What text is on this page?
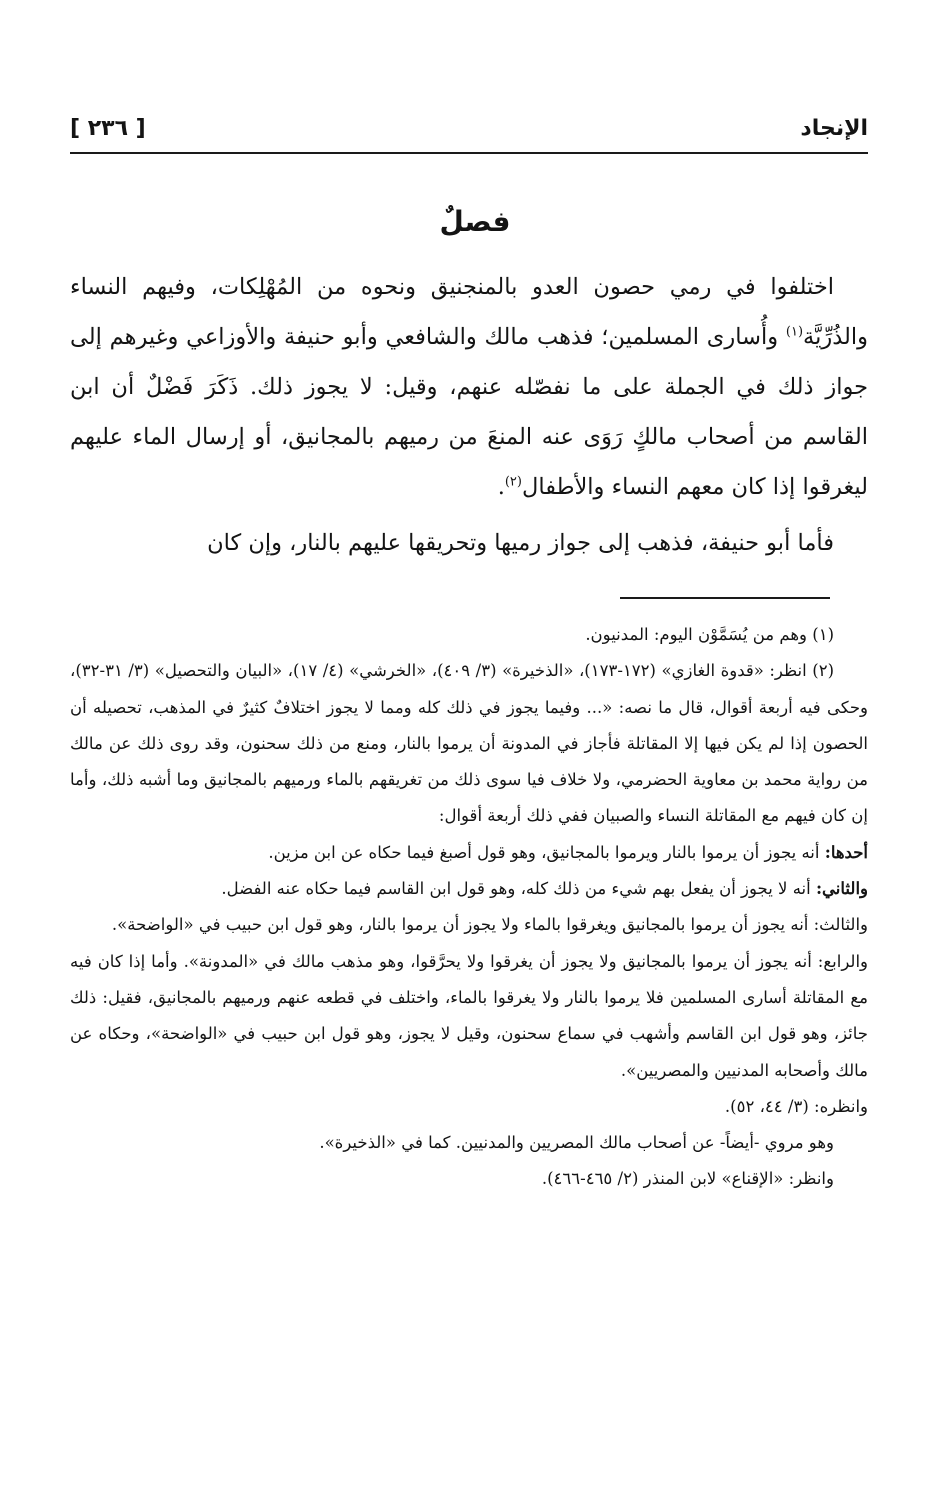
الإنجاد
[ ٢٣٦ ]
فصلٌ

اختلفوا في رمي حصون العدو بالمنجنيق ونحوه من المُهْلِكات، وفيهم النساء والذُرِّيَّة$^{(١)}$ وأُسارى المسلمين؛ فذهب مالك والشافعي وأبو حنيفة والأوزاعي وغيرهم إلى جواز ذلك في الجملة على ما نفصّله عنهم، وقيل: لا يجوز ذلك. ذَكَرَ فَضْلٌ أن ابن القاسم من أصحاب مالكٍ رَوَى عنه المنعَ من رميهم بالمجانيق، أو إرسال الماء عليهم ليغرقوا إذا كان معهم النساء والأطفال$^{(٢)}$.

فأما أبو حنيفة، فذهب إلى جواز رميها وتحريقها عليهم بالنار، وإن كان

(١) وهم من يُسَمَّوْن اليوم: المدنيون.

(٢) انظر: «قدوة الغازي» (١٧٢-١٧٣)، «الذخيرة» (٣/ ٤٠٩)، «الخرشي» (٤/ ١٧)، «البيان والتحصيل» (٣/ ٣١-٣٢)، وحكى فيه أربعة أقوال، قال ما نصه: «... وفيما يجوز في ذلك كله ومما لا يجوز اختلافٌ كثيرٌ في المذهب، تحصيله أن الحصون إذا لم يكن فيها إلا المقاتلة فأجاز في المدونة أن يرموا بالنار، ومنع من ذلك سحنون، وقد روى ذلك عن مالك من رواية محمد بن معاوية الحضرمي، ولا خلاف فيا سوى ذلك من تغريقهم بالماء ورميهم بالمجانيق وما أشبه ذلك، وأما إن كان فيهم مع المقاتلة النساء والصبيان ففي ذلك أربعة أقوال:

أحدها: أنه يجوز أن يرموا بالنار ويرموا بالمجانيق، وهو قول أصبغ فيما حكاه عن ابن مزين.

والثاني: أنه لا يجوز أن يفعل بهم شيء من ذلك كله، وهو قول ابن القاسم فيما حكاه عنه الفضل.

والثالث: أنه يجوز أن يرموا بالمجانيق ويغرقوا بالماء ولا يجوز أن يرموا بالنار، وهو قول ابن حبيب في «الواضحة».

والرابع: أنه يجوز أن يرموا بالمجانيق ولا يجوز أن يغرقوا ولا يحرَّقوا، وهو مذهب مالك في «المدونة». وأما إذا كان فيه مع المقاتلة أسارى المسلمين فلا يرموا بالنار ولا يغرقوا بالماء، واختلف في قطعه عنهم ورميهم بالمجانيق، فقيل: ذلك جائز، وهو قول ابن القاسم وأشهب في سماع سحنون، وقيل لا يجوز، وهو قول ابن حبيب في «الواضحة»، وحكاه عن مالك وأصحابه المدنيين والمصريين».

وانظره: (٣/ ٤٤، ٥٢).

وهو مروي -أيضاً- عن أصحاب مالك المصريين والمدنيين. كما في «الذخيرة».

وانظر: «الإقناع» لابن المنذر (٢/ ٤٦٥-٤٦٦).
